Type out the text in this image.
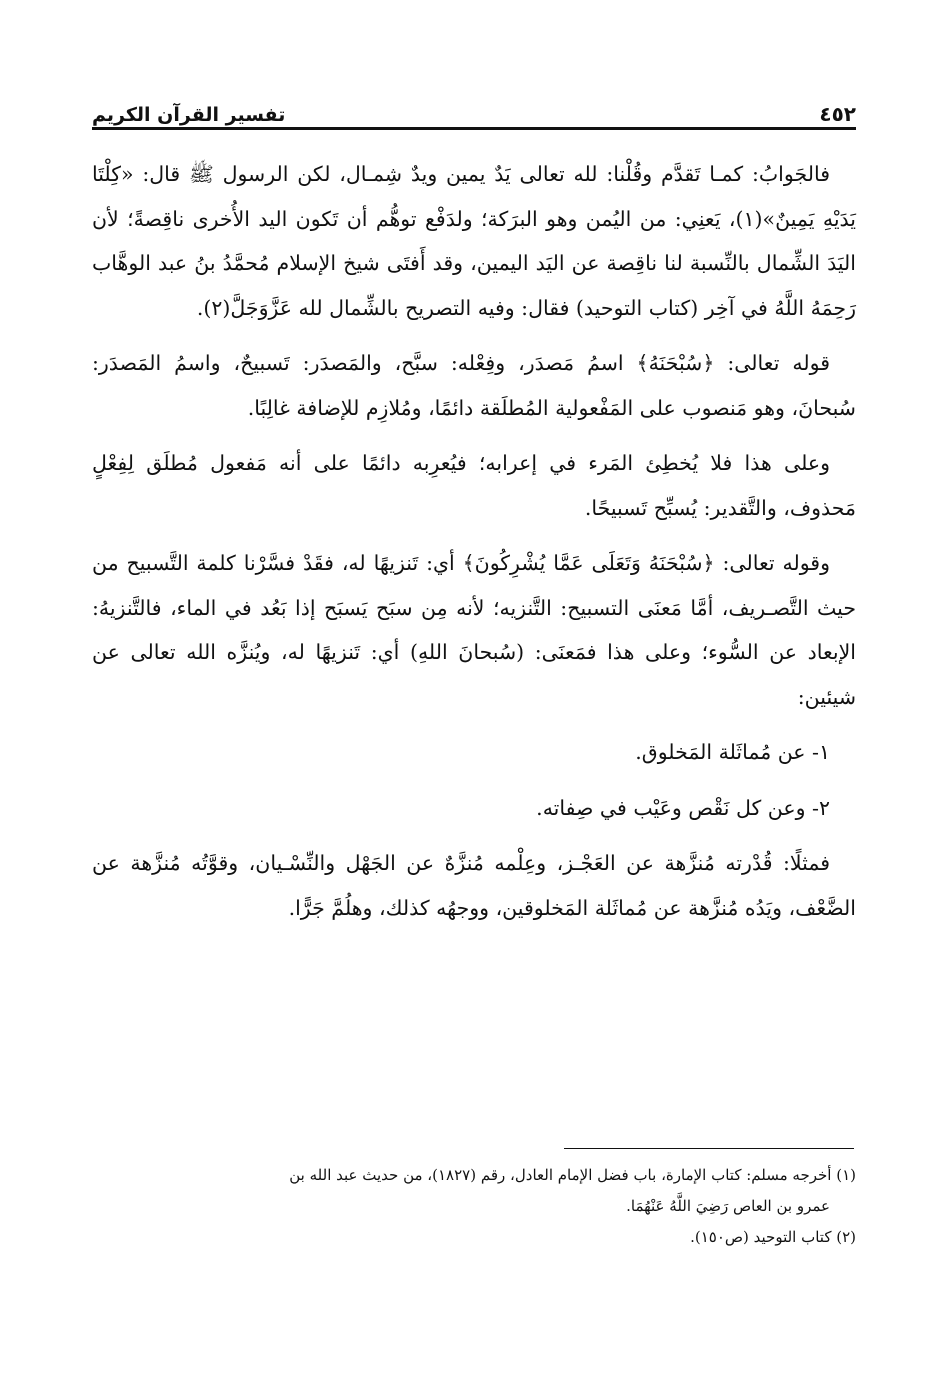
٤٥٢
تفسير القرآن الكريم

فالجَوابُ: كمـا تَقدَّم وقُلْنا: لله تعالى يَدٌ يمين ويدٌ شِمـال، لكن الرسول ﷺ قال: «كِلْتَا يَدَيْهِ يَمِينٌ»(١)، يَعنِي: من اليُمن وهو البرَكة؛ ولدَفْع توهُّم أن تَكون اليد الأُخرى ناقِصةً؛ لأن اليَدَ الشِّمال بالنِّسبة لنا ناقِصة عن اليَد اليمين، وقد أَفتَى شيخ الإسلام مُحمَّدُ بنُ عبد الوهَّاب رَحِمَهُ اللَّهُ في آخِر (كتاب التوحيد) فقال: وفيه التصريح بالشِّمال لله عَزَّوَجَلَّ(٢).

قوله تعالى: ﴿سُبْحَنَهُ﴾ اسمُ مَصدَر، وفِعْله: سبَّح، والمَصدَر: تَسبيحٌ، واسمُ المَصدَر: سُبحانَ، وهو مَنصوب على المَفْعولية المُطلَقة دائمًا، ومُلازِم للإضافة غالِبًا.

وعلى هذا فلا يُخطِئ المَرء في إعرابه؛ فيُعرِبه دائمًا على أنه مَفعول مُطلَق لِفِعْلٍ مَحذوف، والتَّقدير: يُسبِّح تَسبيحًا.

وقوله تعالى: ﴿سُبْحَنَهُ وَتَعَلَى عَمَّا يُشْرِكُونَ﴾ أي: تَنزيهًا له، فقَدْ فسَّرْنا كلمة التَّسبيح من حيث التَّصـريف، أمَّا مَعنَى التسبيح: التَّنزيه؛ لأنه مِن سبَح يَسبَح إذا بَعُد في الماء، فالتَّنزيهُ: الإبعاد عن السُّوء؛ وعلى هذا فمَعنَى: (سُبحانَ اللهِ) أي: تَنزيهًا له، ويُنزَّه الله تعالى عن شيئين:

١- عن مُماثَلة المَخلوق.

٢- وعن كل نَقْص وعَيْب في صِفاته.

فمثلًا: قُدْرته مُنزَّهة عن العَجْـز، وعِلْمه مُنزَّهٌ عن الجَهْل والنِّسْـيان، وقوَّتُه مُنزَّهة عن الضَّعْف، ويَدُه مُنزَّهة عن مُماثَلة المَخلوقين، ووجهُه كذلك، وهلُمَّ جَرًّا.

(١) أخرجه مسلم: كتاب الإمارة، باب فضل الإمام العادل، رقم (١٨٢٧)، من حديث عبد الله بن

عمرو بن العاص رَضِيَ اللَّهُ عَنْهُمَا.

(٢) كتاب التوحيد (ص١٥٠).
